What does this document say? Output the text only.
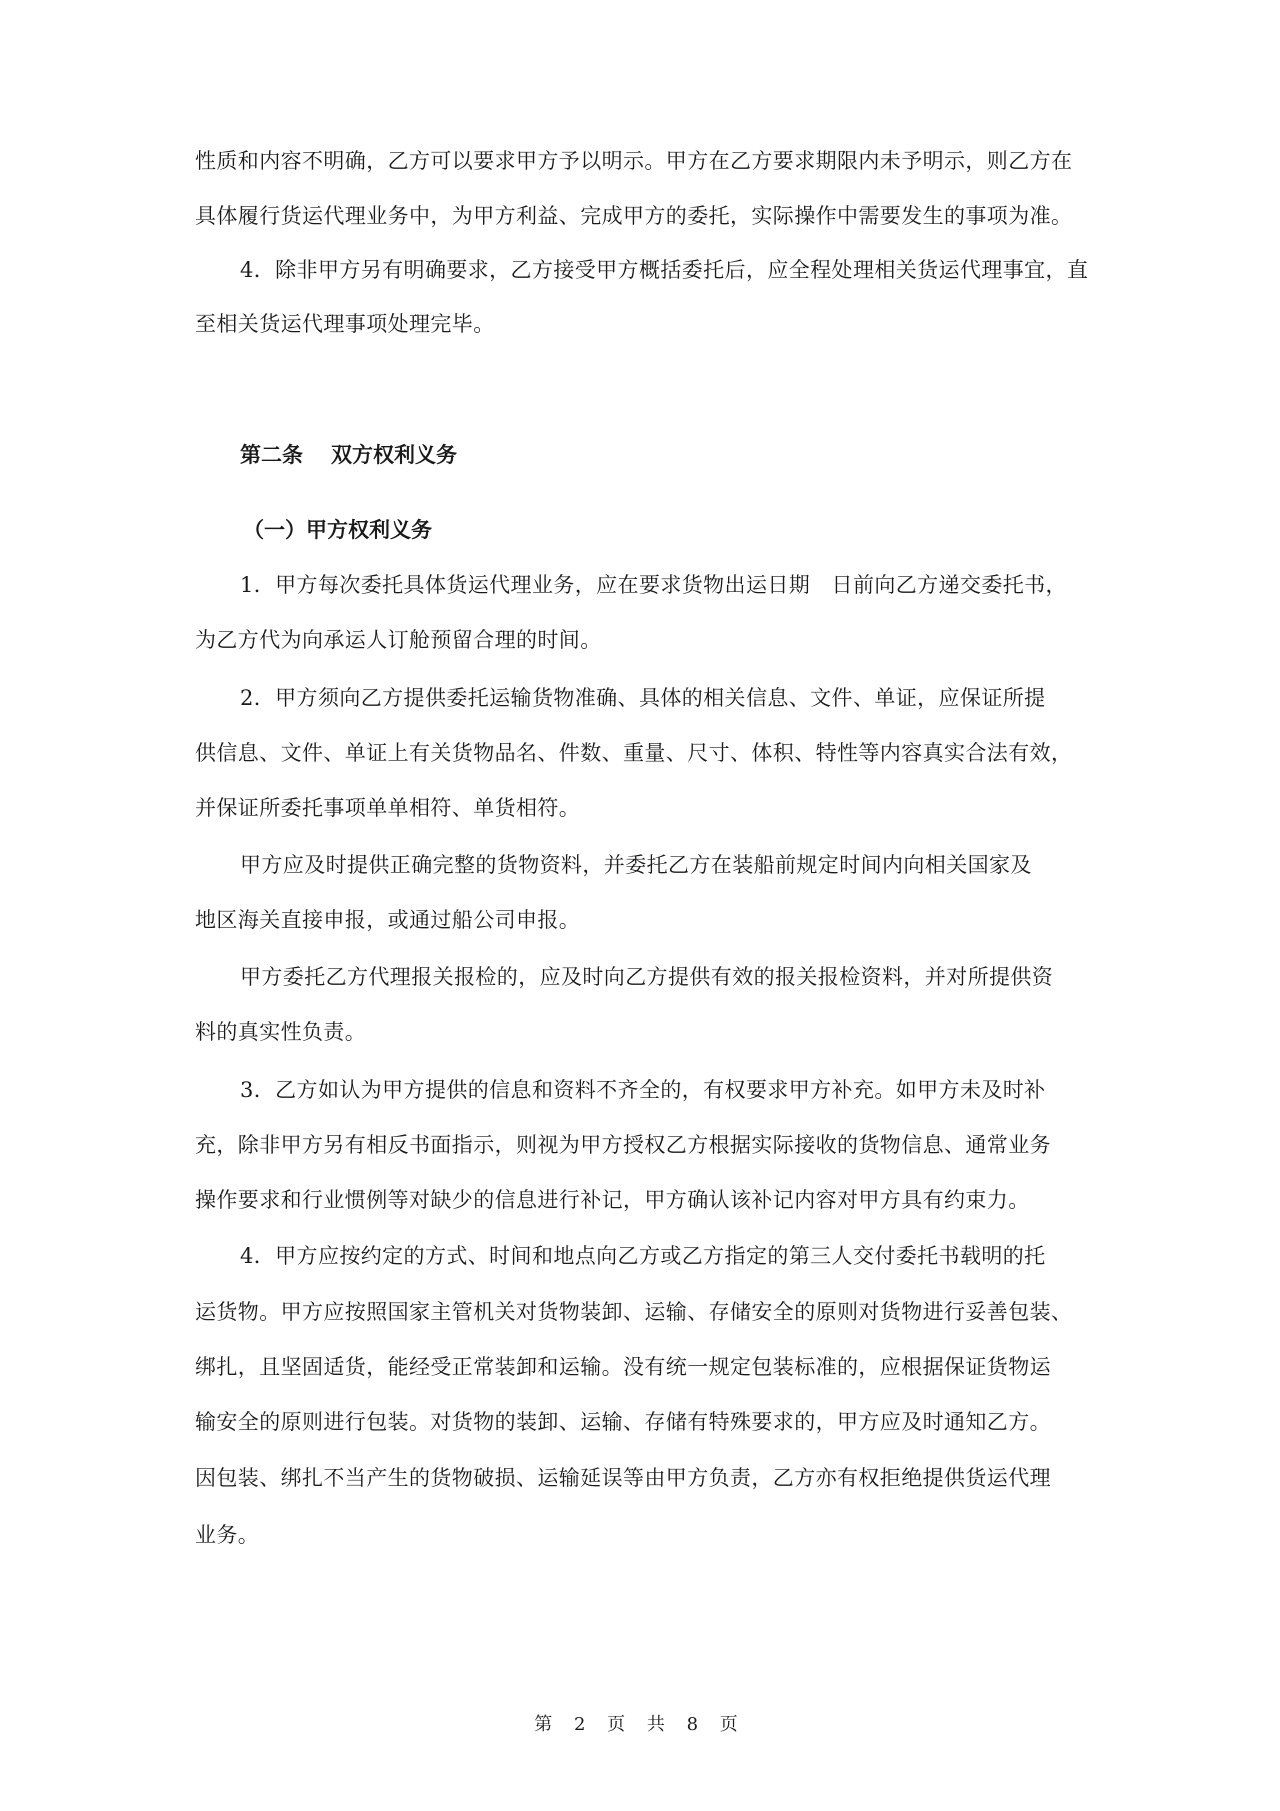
性质和内容不明确，乙方可以要求甲方予以明示。甲方在乙方要求期限内未予明示，则乙方在
具体履行货运代理业务中，为甲方利益、完成甲方的委托，实际操作中需要发生的事项为准。
4．除非甲方另有明确要求，乙方接受甲方概括委托后，应全程处理相关货运代理事宜，直
至相关货运代理事项处理完毕。
第二条 双方权利义务
（一）甲方权利义务
1．甲方每次委托具体货运代理业务，应在要求货物出运日期　日前向乙方递交委托书，
为乙方代为向承运人订舱预留合理的时间。
2．甲方须向乙方提供委托运输货物准确、具体的相关信息、文件、单证，应保证所提
供信息、文件、单证上有关货物品名、件数、重量、尺寸、体积、特性等内容真实合法有效，
并保证所委托事项单单相符、单货相符。
甲方应及时提供正确完整的货物资料，并委托乙方在装船前规定时间内向相关国家及
地区海关直接申报，或通过船公司申报。
甲方委托乙方代理报关报检的，应及时向乙方提供有效的报关报检资料，并对所提供资
料的真实性负责。
3．乙方如认为甲方提供的信息和资料不齐全的，有权要求甲方补充。如甲方未及时补
充，除非甲方另有相反书面指示，则视为甲方授权乙方根据实际接收的货物信息、通常业务
操作要求和行业惯例等对缺少的信息进行补记，甲方确认该补记内容对甲方具有约束力。
4．甲方应按约定的方式、时间和地点向乙方或乙方指定的第三人交付委托书载明的托
运货物。甲方应按照国家主管机关对货物装卸、运输、存储安全的原则对货物进行妥善包装、
绑扎，且坚固适货，能经受正常装卸和运输。没有统一规定包装标准的，应根据保证货物运
输安全的原则进行包装。对货物的装卸、运输、存储有特殊要求的，甲方应及时通知乙方。
因包装、绑扎不当产生的货物破损、运输延误等由甲方负责，乙方亦有权拒绝提供货运代理
业务。
第 2 页 共 8 页
